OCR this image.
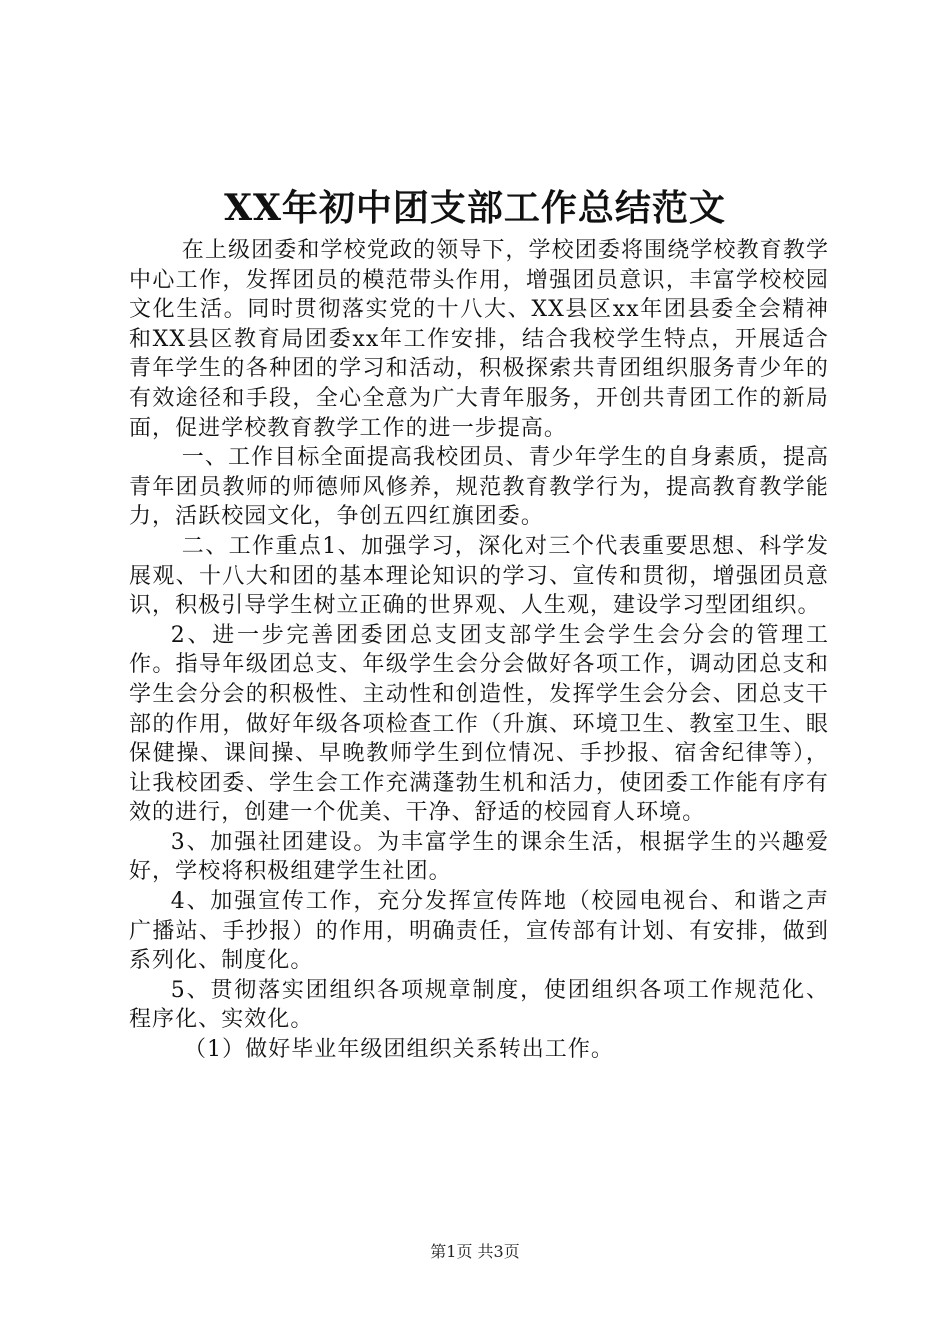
XX年初中团支部工作总结范文

在上级团委和学校党政的领导下，学校团委将围绕学校教育教学中心工作，发挥团员的模范带头作用，增强团员意识，丰富学校校园文化生活。同时贯彻落实党的十八大、XX县区xx年团县委全会精神和XX县区教育局团委xx年工作安排，结合我校学生特点，开展适合青年学生的各种团的学习和活动，积极探索共青团组织服务青少年的有效途径和手段，全心全意为广大青年服务，开创共青团工作的新局面，促进学校教育教学工作的进一步提高。

一、工作目标全面提高我校团员、青少年学生的自身素质，提高青年团员教师的师德师风修养，规范教育教学行为，提高教育教学能力，活跃校园文化，争创五四红旗团委。

二、工作重点1、加强学习，深化对三个代表重要思想、科学发展观、十八大和团的基本理论知识的学习、宣传和贯彻，增强团员意识，积极引导学生树立正确的世界观、人生观，建设学习型团组织。

2、进一步完善团委团总支团支部学生会学生会分会的管理工作。指导年级团总支、年级学生会分会做好各项工作，调动团总支和学生会分会的积极性、主动性和创造性，发挥学生会分会、团总支干部的作用，做好年级各项检查工作（升旗、环境卫生、教室卫生、眼保健操、课间操、早晚教师学生到位情况、手抄报、宿舍纪律等），让我校团委、学生会工作充满蓬勃生机和活力，使团委工作能有序有效的进行，创建一个优美、干净、舒适的校园育人环境。

3、加强社团建设。为丰富学生的课余生活，根据学生的兴趣爱好，学校将积极组建学生社团。

4、加强宣传工作，充分发挥宣传阵地（校园电视台、和谐之声广播站、手抄报）的作用，明确责任，宣传部有计划、有安排，做到系列化、制度化。

5、贯彻落实团组织各项规章制度，使团组织各项工作规范化、程序化、实效化。

（1）做好毕业年级团组织关系转出工作。

第1页 共3页
